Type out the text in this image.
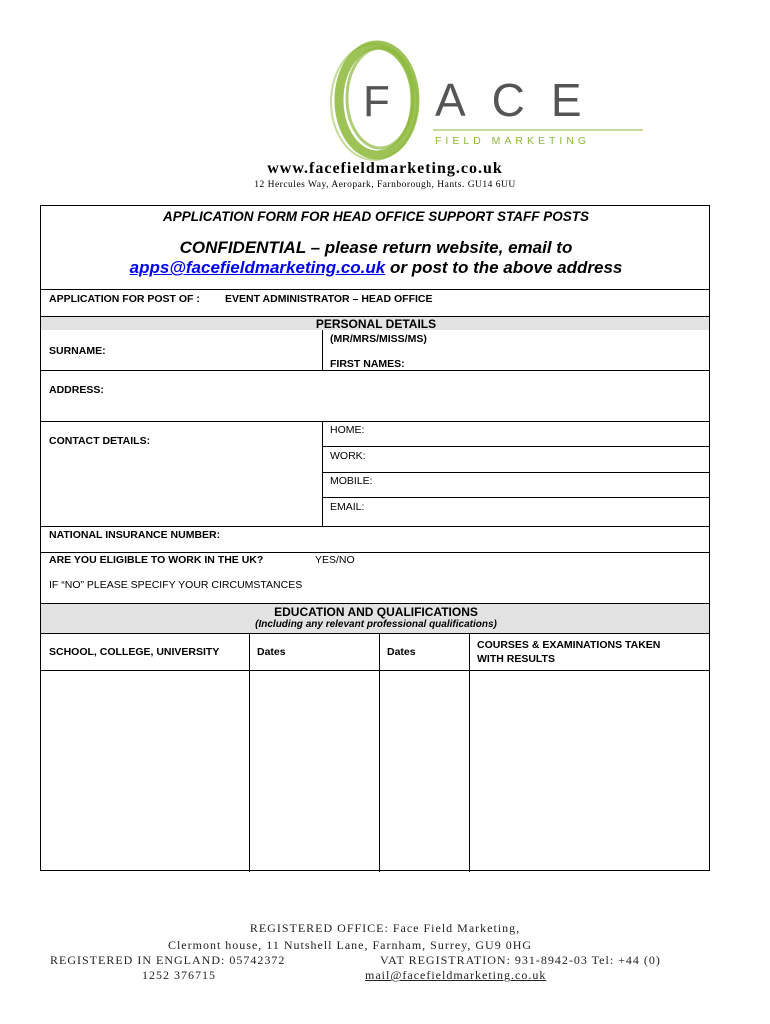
F ACE
FIELD MARKETING
www.facefieldmarketing.co.uk
12 Hercules Way, Aeropark, Farnborough, Hants. GU14 6UU
APPLICATION FORM FOR HEAD OFFICE SUPPORT STAFF POSTS
CONFIDENTIAL – please return website, email to
apps@facefieldmarketing.co.uk or post to the above address
APPLICATION FOR POST OF : EVENT ADMINISTRATOR – HEAD OFFICE
PERSONAL DETAILS
(MR/MRS/MISS/MS)
SURNAME:
FIRST NAMES:
ADDRESS:
CONTACT DETAILS:
HOME:
WORK:
MOBILE:
EMAIL:
NATIONAL INSURANCE NUMBER:
ARE YOU ELIGIBLE TO WORK IN THE UK?	YES/NO
IF “NO” PLEASE SPECIFY YOUR CIRCUMSTANCES
EDUCATION AND QUALIFICATIONS
(Including any relevant professional qualifications)
SCHOOL, COLLEGE, UNIVERSITY	Dates	Dates
COURSES & EXAMINATIONS TAKEN
WITH RESULTS
REGISTERED OFFICE: Face Field Marketing,
Clermont house, 11 Nutshell Lane, Farnham, Surrey, GU9 0HG
REGISTERED IN ENGLAND: 05742372	VAT REGISTRATION: 931-8942-03 Tel: +44 (0)
1252 376715	mail@facefieldmarketing.co.uk
